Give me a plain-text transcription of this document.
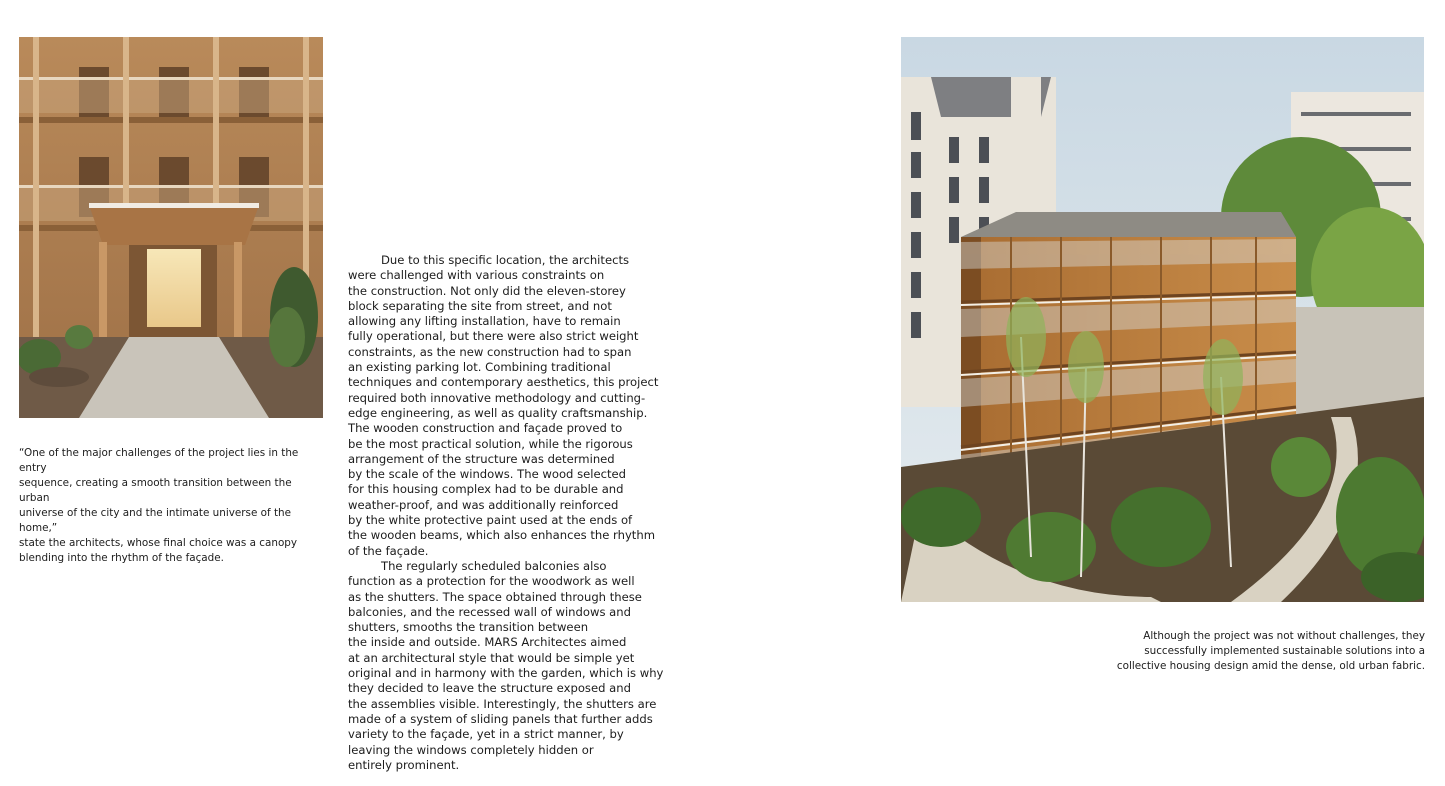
“One of the major challenges of the project lies in the entry
sequence, creating a smooth transition between the urban
universe of the city and the intimate universe of the home,”
state the architects, whose final choice was a canopy
blending into the rhythm of the façade.
Due to this specific location, the architects
were challenged with various constraints on
the construction. Not only did the eleven-storey
block separating the site from street, and not
allowing any lifting installation, have to remain
fully operational, but there were also strict weight
constraints, as the new construction had to span
an existing parking lot. Combining traditional
techniques and contemporary aesthetics, this project
required both innovative methodology and cutting-
edge engineering, as well as quality craftsmanship.
The wooden construction and façade proved to
be the most practical solution, while the rigorous
arrangement of the structure was determined
by the scale of the windows. The wood selected
for this housing complex had to be durable and
weather-proof, and was additionally reinforced
by the white protective paint used at the ends of
the wooden beams, which also enhances the rhythm
of the façade.
The regularly scheduled balconies also
function as a protection for the woodwork as well
as the shutters. The space obtained through these
balconies, and the recessed wall of windows and
shutters, smooths the transition between
the inside and outside. MARS Architectes aimed
at an architectural style that would be simple yet
original and in harmony with the garden, which is why
they decided to leave the structure exposed and
the assemblies visible. Interestingly, the shutters are
made of a system of sliding panels that further adds
variety to the façade, yet in a strict manner, by
leaving the windows completely hidden or
entirely prominent.
Although the project was not without challenges, they
successfully implemented sustainable solutions into a
collective housing design amid the dense, old urban fabric.
